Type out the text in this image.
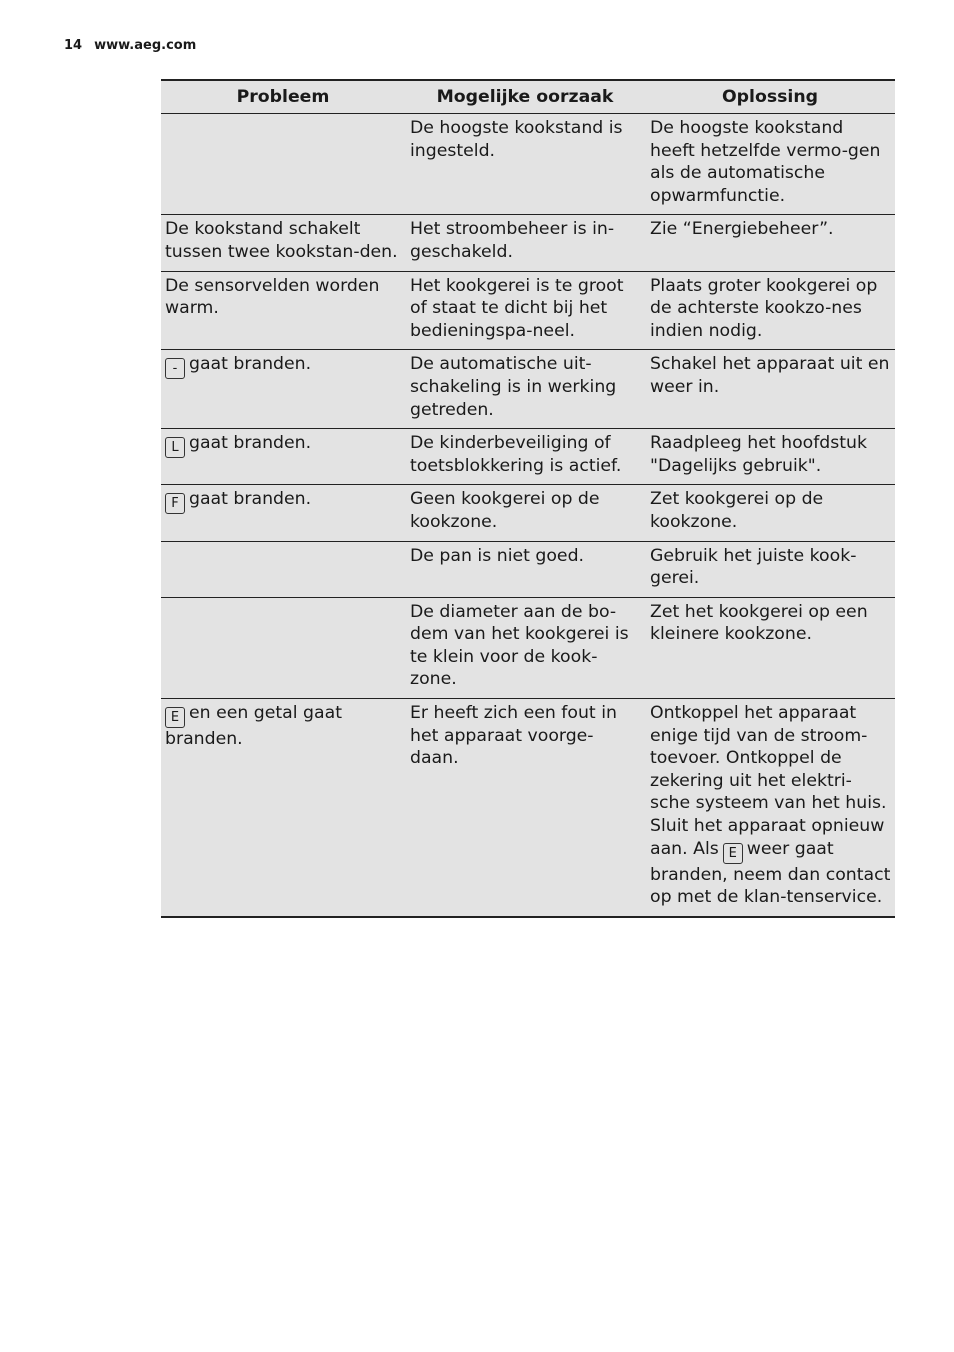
14 www.aeg.com
Probleem	Mogelijke oorzaak	Oplossing
	De hoogste kookstand is ingesteld.	De hoogste kookstand heeft hetzelfde vermo-gen als de automatische opwarmfunctie.
De kookstand schakelt tussen twee kookstan-den.	Het stroombeheer is in-geschakeld.	Zie “Energiebeheer”.
De sensorvelden worden warm.	Het kookgerei is te groot of staat te dicht bij het bedieningspa-neel.	Plaats groter kookgerei op de achterste kookzo-nes indien nodig.
- gaat branden.	De automatische uit-schakeling is in werking getreden.	Schakel het apparaat uit en weer in.
L gaat branden.	De kinderbeveiliging of toetsblokkering is actief.	Raadpleeg het hoofdstuk "Dagelijks gebruik".
F gaat branden.	Geen kookgerei op de kookzone.	Zet kookgerei op de kookzone.
	De pan is niet goed.	Gebruik het juiste kook-gerei.
	De diameter aan de bo-dem van het kookgerei is te klein voor de kook-zone.	Zet het kookgerei op een kleinere kookzone.
E en een getal gaat branden.	Er heeft zich een fout in het apparaat voorge-daan.	Ontkoppel het apparaat enige tijd van de stroom-toevoer. Ontkoppel de zekering uit het elektri-sche systeem van het huis. Sluit het apparaat opnieuw aan. Als E weer gaat branden, neem dan contact op met de klan-tenservice.
